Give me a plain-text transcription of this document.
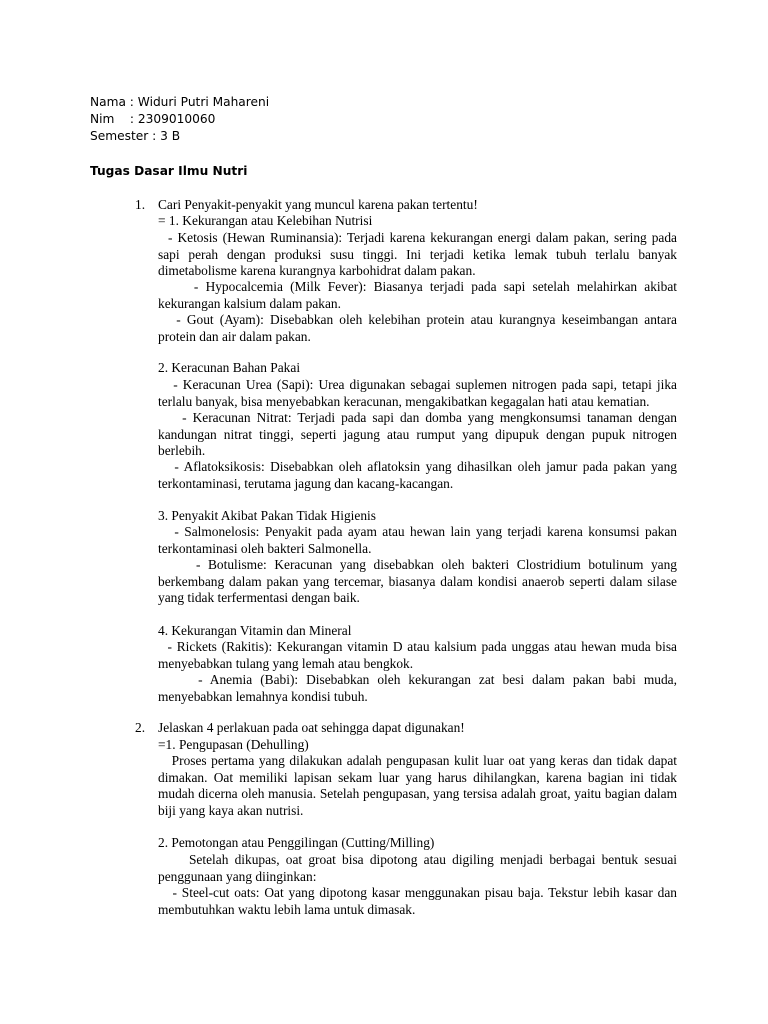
Nama : Widuri Putri Mahareni
Nim    : 2309010060
Semester : 3 B
Tugas Dasar Ilmu Nutri
1. Cari Penyakit-penyakit yang muncul karena pakan tertentu!
= 1. Kekurangan atau Kelebihan Nutrisi
- Ketosis (Hewan Ruminansia): Terjadi karena kekurangan energi dalam pakan, sering pada sapi perah dengan produksi susu tinggi. Ini terjadi ketika lemak tubuh terlalu banyak dimetabolisme karena kurangnya karbohidrat dalam pakan.
- Hypocalcemia (Milk Fever): Biasanya terjadi pada sapi setelah melahirkan akibat kekurangan kalsium dalam pakan.
- Gout (Ayam): Disebabkan oleh kelebihan protein atau kurangnya keseimbangan antara protein dan air dalam pakan.
2. Keracunan Bahan Pakai
- Keracunan Urea (Sapi): Urea digunakan sebagai suplemen nitrogen pada sapi, tetapi jika terlalu banyak, bisa menyebabkan keracunan, mengakibatkan kegagalan hati atau kematian.
- Keracunan Nitrat: Terjadi pada sapi dan domba yang mengkonsumsi tanaman dengan kandungan nitrat tinggi, seperti jagung atau rumput yang dipupuk dengan pupuk nitrogen berlebih.
- Aflatoksikosis: Disebabkan oleh aflatoksin yang dihasilkan oleh jamur pada pakan yang terkontaminasi, terutama jagung dan kacang-kacangan.
3. Penyakit Akibat Pakan Tidak Higienis
- Salmonelosis: Penyakit pada ayam atau hewan lain yang terjadi karena konsumsi pakan terkontaminasi oleh bakteri Salmonella.
- Botulisme: Keracunan yang disebabkan oleh bakteri Clostridium botulinum yang berkembang dalam pakan yang tercemar, biasanya dalam kondisi anaerob seperti dalam silase yang tidak terfermentasi dengan baik.
4. Kekurangan Vitamin dan Mineral
- Rickets (Rakitis): Kekurangan vitamin D atau kalsium pada unggas atau hewan muda bisa menyebabkan tulang yang lemah atau bengkok.
- Anemia (Babi): Disebabkan oleh kekurangan zat besi dalam pakan babi muda, menyebabkan lemahnya kondisi tubuh.
2. Jelaskan 4 perlakuan pada oat sehingga dapat digunakan!
=1. Pengupasan (Dehulling)
Proses pertama yang dilakukan adalah pengupasan kulit luar oat yang keras dan tidak dapat dimakan. Oat memiliki lapisan sekam luar yang harus dihilangkan, karena bagian ini tidak mudah dicerna oleh manusia. Setelah pengupasan, yang tersisa adalah groat, yaitu bagian dalam biji yang kaya akan nutrisi.
2. Pemotongan atau Penggilingan (Cutting/Milling)
Setelah dikupas, oat groat bisa dipotong atau digiling menjadi berbagai bentuk sesuai penggunaan yang diinginkan:
- Steel-cut oats: Oat yang dipotong kasar menggunakan pisau baja. Tekstur lebih kasar dan membutuhkan waktu lebih lama untuk dimasak.
